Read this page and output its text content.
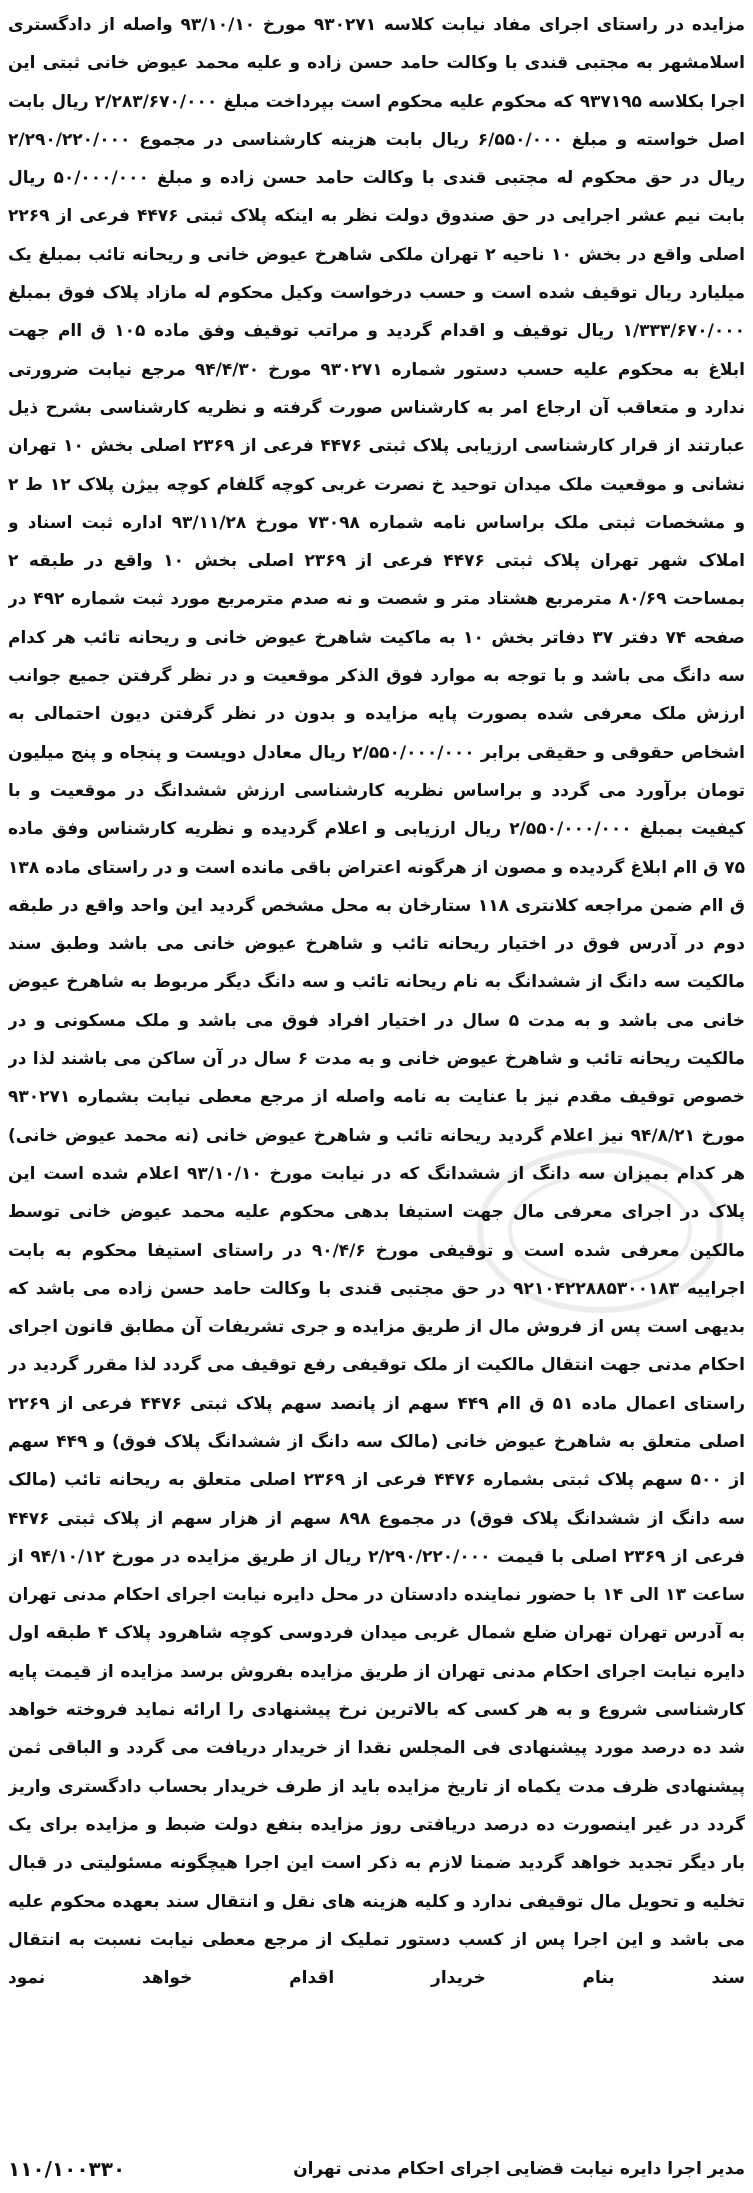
مزایده در راستای اجرای مفاد نیابت کلاسه ۹۳۰۲۷۱ مورخ ۹۳/۱۰/۱۰ واصله از دادگستری اسلامشهر به مجتبی قندی با وکالت حامد حسن زاده و علیه محمد عیوض خانی ثبتی این اجرا بکلاسه ۹۳۷۱۹۵ که محکوم علیه محکوم است بپرداخت مبلغ ۲/۲۸۳/۶۷۰/۰۰۰ ریال بابت اصل خواسته و مبلغ ۶/۵۵۰/۰۰۰ ریال بابت هزینه کارشناسی در مجموع ۲/۲۹۰/۲۲۰/۰۰۰ ریال در حق محکوم له مجتبی قندی با وکالت حامد حسن زاده و مبلغ ۵۰/۰۰۰/۰۰۰ ریال بابت نیم عشر اجرایی در حق صندوق دولت نظر به اینکه پلاک ثبتی ۴۴۷۶ فرعی از ۲۲۶۹ اصلی واقع در بخش ۱۰ ناحیه ۲ تهران ملکی شاهرخ عیوض خانی و ریحانه تائب بمبلغ یک میلیارد ریال توقیف شده است و حسب درخواست وکیل محکوم له مازاد پلاک فوق بمبلغ ۱/۳۳۳/۶۷۰/۰۰۰ ریال توقیف و اقدام گردید و مراتب توقیف وفق ماده ۱۰۵ ق اام جهت ابلاغ به محکوم علیه حسب دستور شماره ۹۳۰۲۷۱ مورخ ۹۴/۴/۳۰ مرجع نیابت ضرورتی ندارد و متعاقب آن ارجاع امر به کارشناس صورت گرفته و نظریه کارشناسی بشرح ذیل عبارتند از قرار کارشناسی ارزیابی پلاک ثبتی ۴۴۷۶ فرعی از ۲۳۶۹ اصلی بخش ۱۰ تهران نشانی و موقعیت ملک میدان توحید خ نصرت غربی کوچه گلفام کوچه بیژن پلاک ۱۲ ط ۲ و مشخصات ثبتی ملک براساس نامه شماره ۷۳۰۹۸ مورخ ۹۳/۱۱/۲۸ اداره ثبت اسناد و املاک شهر تهران پلاک ثبتی ۴۴۷۶ فرعی از ۲۳۶۹ اصلی بخش ۱۰ واقع در طبقه ۲ بمساحت ۸۰/۶۹ مترمربع هشتاد متر و شصت و نه صدم مترمربع مورد ثبت شماره ۴۹۲ در صفحه ۷۴ دفتر ۳۷ دفاتر بخش ۱۰ به ماکیت شاهرخ عیوض خانی و ریحانه تائب هر کدام سه دانگ می باشد و با توجه به موارد فوق الذکر موقعیت و در نظر گرفتن جمیع جوانب ارزش ملک معرفی شده بصورت پایه مزایده و بدون در نظر گرفتن دیون احتمالی به اشخاص حقوقی و حقیقی برابر ۲/۵۵۰/۰۰۰/۰۰۰ ریال معادل دویست و پنجاه و پنج میلیون تومان برآورد می گردد و براساس نظریه کارشناسی ارزش ششدانگ در موقعیت و با کیفیت بمبلغ ۲/۵۵۰/۰۰۰/۰۰۰ ریال ارزیابی و اعلام گردیده و نظریه کارشناس وفق ماده ۷۵ ق اام ابلاغ گردیده و مصون از هرگونه اعتراض باقی مانده است و در راستای ماده ۱۳۸ ق اام ضمن مراجعه کلانتری ۱۱۸ ستارخان به محل مشخص گردید این واحد واقع در طبقه دوم در آدرس فوق در اختیار ریحانه تائب و شاهرخ عیوض خانی می باشد وطبق سند مالکیت سه دانگ از ششدانگ به نام ریحانه تائب و سه دانگ دیگر مربوط به شاهرخ عیوض خانی می باشد و به مدت ۵ سال در اختیار افراد فوق می باشد و ملک مسکونی و در مالکیت ریحانه تائب و شاهرخ عیوض خانی و به مدت ۶ سال در آن ساکن می باشند لذا در خصوص توقیف مقدم نیز با عنایت به نامه واصله از مرجع معطی نیابت بشماره ۹۳۰۲۷۱ مورخ ۹۴/۸/۲۱ نیز اعلام گردید ریحانه تائب و شاهرخ عیوض خانی (نه محمد عیوض خانی) هر کدام بمیزان سه دانگ از ششدانگ که در نیابت مورخ ۹۳/۱۰/۱۰ اعلام شده است این پلاک در اجرای معرفی مال جهت استیفا بدهی محکوم علیه محمد عیوض خانی توسط مالکین معرفی شده است و توقیفی مورخ ۹۰/۴/۶ در راستای استیفا محکوم به بابت اجراییه ۹۲۱۰۴۲۲۸۸۵۳۰۰۱۸۳ در حق مجتبی قندی با وکالت حامد حسن زاده می باشد که بدیهی است پس از فروش مال از طریق مزایده و جری تشریفات آن مطابق قانون اجرای احکام مدنی جهت انتقال مالکیت از ملک توقیفی رفع توقیف می گردد لذا مقرر گردید در راستای اعمال ماده ۵۱ ق اام ۴۴۹ سهم از پانصد سهم پلاک ثبتی ۴۴۷۶ فرعی از ۲۲۶۹ اصلی متعلق به شاهرخ عیوض خانی (مالک سه دانگ از ششدانگ پلاک فوق) و ۴۴۹ سهم از ۵۰۰ سهم پلاک ثبتی بشماره ۴۴۷۶ فرعی از ۲۳۶۹ اصلی متعلق به ریحانه تائب (مالک سه دانگ از ششدانگ پلاک فوق) در مجموع ۸۹۸ سهم از هزار سهم از پلاک ثبتی ۴۴۷۶ فرعی از ۲۳۶۹ اصلی با قیمت ۲/۲۹۰/۲۲۰/۰۰۰ ریال از طریق مزایده در مورخ ۹۴/۱۰/۱۲ از ساعت ۱۳ الی ۱۴ با حضور نماینده دادستان در محل دایره نیابت اجرای احکام مدنی تهران به آدرس تهران تهران ضلع شمال غربی میدان فردوسی کوچه شاهرود پلاک ۴ طبقه اول دایره نیابت اجرای احکام مدنی تهران از طریق مزایده بفروش برسد مزایده از قیمت پایه کارشناسی شروع و به هر کسی که بالاترین نرخ پیشنهادی را ارائه نماید فروخته خواهد شد ده درصد مورد پیشنهادی فی المجلس نقدا از خریدار دریافت می گردد و الباقی ثمن پیشنهادی ظرف مدت یکماه از تاریخ مزایده باید از طرف خریدار بحساب دادگستری واریز گردد در غیر اینصورت ده درصد دریافتی روز مزایده بنفع دولت ضبط و مزایده برای یک بار دیگر تجدید خواهد گردید ضمنا لازم به ذکر است این اجرا هیچگونه مسئولیتی در قبال تخلیه و تحویل مال توقیفی ندارد و کلیه هزینه های نقل و انتقال سند بعهده محکوم علیه می باشد و این اجرا پس از کسب دستور تملیک از مرجع معطی نیابت نسبت به انتقال سند بنام خریدار اقدام خواهد نمود

مدیر اجرا دایره نیابت قضایی اجرای احکام مدنی تهران
۱۱۰/۱۰۰۳۳۰
